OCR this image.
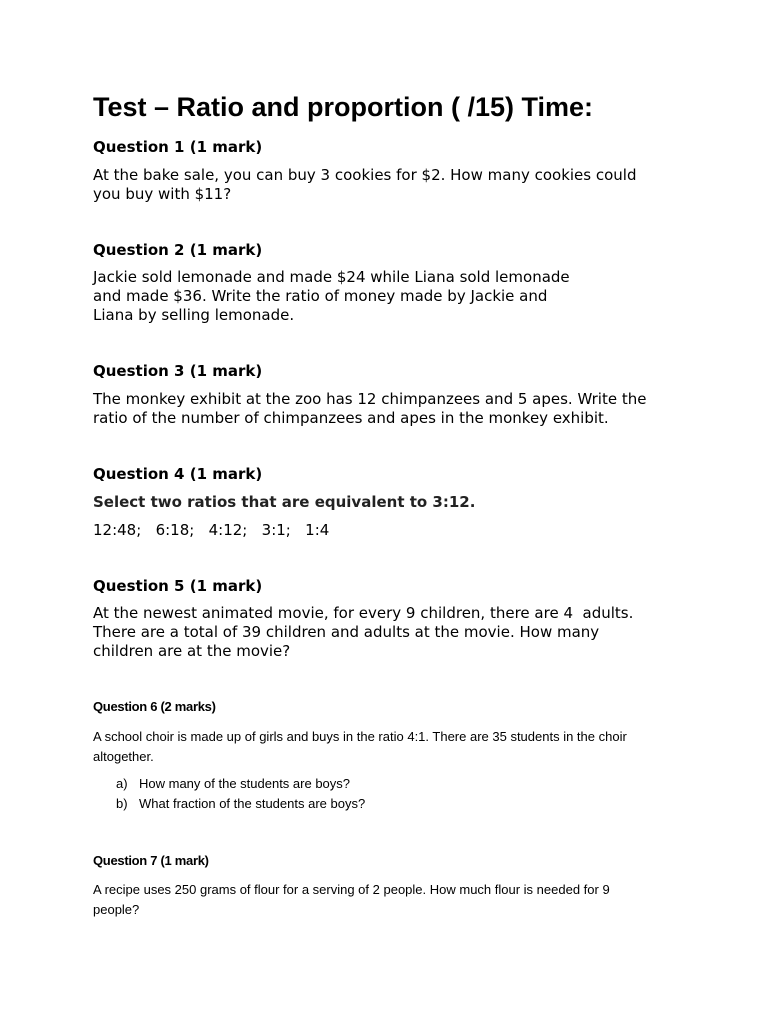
Test – Ratio and proportion ( /15) Time:
Question 1 (1 mark)
At the bake sale, you can buy 3 cookies for $2. How many cookies could
you buy with $11?
Question 2 (1 mark)
Jackie sold lemonade and made $24 while Liana sold lemonade
and made $36. Write the ratio of money made by Jackie and
Liana by selling lemonade.
Question 3 (1 mark)
The monkey exhibit at the zoo has 12 chimpanzees and 5 apes. Write the
ratio of the number of chimpanzees and apes in the monkey exhibit.
Question 4 (1 mark)
Select two ratios that are equivalent to 3:12.
12:48;   6:18;   4:12;   3:1;   1:4
Question 5 (1 mark)
At the newest animated movie, for every 9 children, there are 4  adults.
There are a total of 39 children and adults at the movie. How many
children are at the movie?
Question 6 (2 marks)
A school choir is made up of girls and buys in the ratio 4:1. There are 35 students in the choir
altogether.
a) How many of the students are boys?
b) What fraction of the students are boys?
Question 7 (1 mark)
A recipe uses 250 grams of flour for a serving of 2 people. How much flour is needed for 9
people?
